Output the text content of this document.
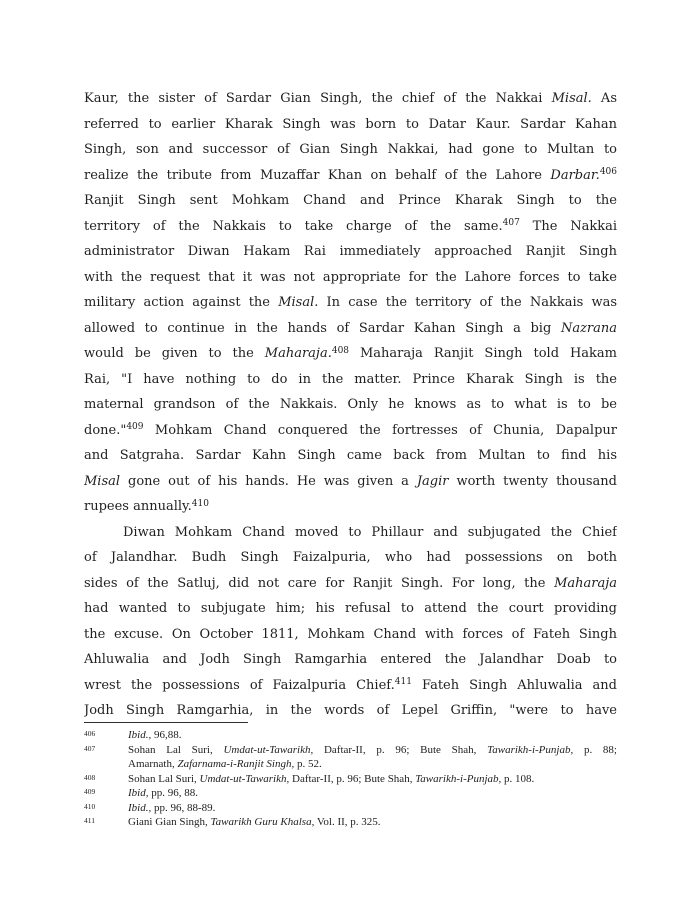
Kaur, the sister of Sardar Gian Singh, the chief of the Nakkai Misal. As
referred to earlier Kharak Singh was born to Datar Kaur. Sardar Kahan
Singh, son and successor of Gian Singh Nakkai, had gone to Multan to
realize the tribute from Muzaffar Khan on behalf of the Lahore Darbar.$^{406}$
Ranjit Singh sent Mohkam Chand and Prince Kharak Singh to the
territory of the Nakkais to take charge of the same.$^{407}$ The Nakkai
administrator Diwan Hakam Rai immediately approached Ranjit Singh
with the request that it was not appropriate for the Lahore forces to take
military action against the Misal. In case the territory of the Nakkais was
allowed to continue in the hands of Sardar Kahan Singh a big Nazrana
would be given to the Maharaja.$^{408}$ Maharaja Ranjit Singh told Hakam
Rai, "I have nothing to do in the matter. Prince Kharak Singh is the
maternal grandson of the Nakkais. Only he knows as to what is to be
done."$^{409}$ Mohkam Chand conquered the fortresses of Chunia, Dapalpur
and Satgraha. Sardar Kahn Singh came back from Multan to find his
Misal gone out of his hands. He was given a Jagir worth twenty thousand
rupees annually.$^{410}$
Diwan Mohkam Chand moved to Phillaur and subjugated the Chief
of Jalandhar. Budh Singh Faizalpuria, who had possessions on both
sides of the Satluj, did not care for Ranjit Singh. For long, the Maharaja
had wanted to subjugate him; his refusal to attend the court providing
the excuse. On October 1811, Mohkam Chand with forces of Fateh Singh
Ahluwalia and Jodh Singh Ramgarhia entered the Jalandhar Doab to
wrest the possessions of Faizalpuria Chief.$^{411}$ Fateh Singh Ahluwalia and
Jodh Singh Ramgarhia, in the words of Lepel Griffin, "were to have
406	Ibid., 96,88.
407	Sohan Lal Suri, Umdat-ut-Tawarikh, Daftar-II, p. 96; Bute Shah, Tawarikh-i-Punjab, p. 88;
Amarnath, Zafarnama-i-Ranjit Singh, p. 52.
408	Sohan Lal Suri, Umdat-ut-Tawarikh, Daftar-II, p. 96; Bute Shah, Tawarikh-i-Punjab, p. 108.
409	Ibid, pp. 96, 88.
410	Ibid., pp. 96, 88-89.
411	Giani Gian Singh, Tawarikh Guru Khalsa, Vol. II, p. 325.
